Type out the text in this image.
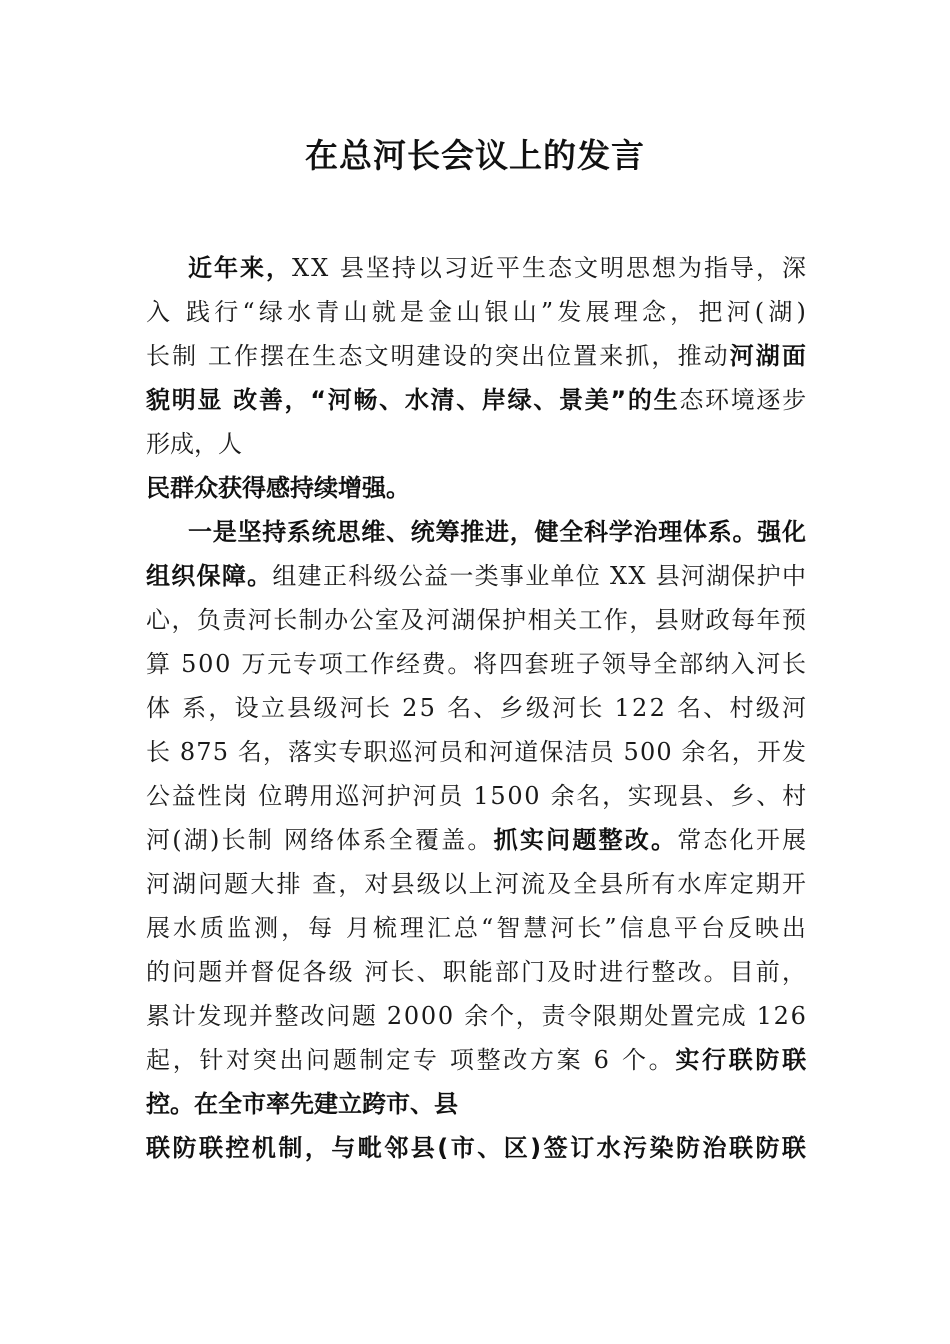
在总河长会议上的发言
近年来，XX 县坚持以习近平生态文明思想为指导，深
入 践行“绿水青山就是金山银山”发展理念，把河(湖)
长制 工作摆在生态文明建设的突出位置来抓，推动河湖面
貌明显 改善，“河畅、水清、岸绿、景美”的生态环境逐步
形成，人
民群众获得感持续增强。
一是坚持系统思维、统筹推进，健全科学治理体系。强化
组织保障。组建正科级公益一类事业单位 XX 县河湖保护中
心，负责河长制办公室及河湖保护相关工作，县财政每年预
算 500 万元专项工作经费。将四套班子领导全部纳入河长
体 系，设立县级河长 25 名、乡级河长 122 名、村级河
长 875 名，落实专职巡河员和河道保洁员 500 余名，开发
公益性岗 位聘用巡河护河员 1500 余名，实现县、乡、村
河(湖)长制 网络体系全覆盖。抓实问题整改。常态化开展
河湖问题大排 查，对县级以上河流及全县所有水库定期开
展水质监测，每 月梳理汇总“智慧河长”信息平台反映出
的问题并督促各级 河长、职能部门及时进行整改。目前，
累计发现并整改问题 2000 余个，责令限期处置完成 126
起，针对突出问题制定专 项整改方案 6 个。实行联防联
控。在全市率先建立跨市、县
联防联控机制，与毗邻县(市、区)签订水污染防治联防联
